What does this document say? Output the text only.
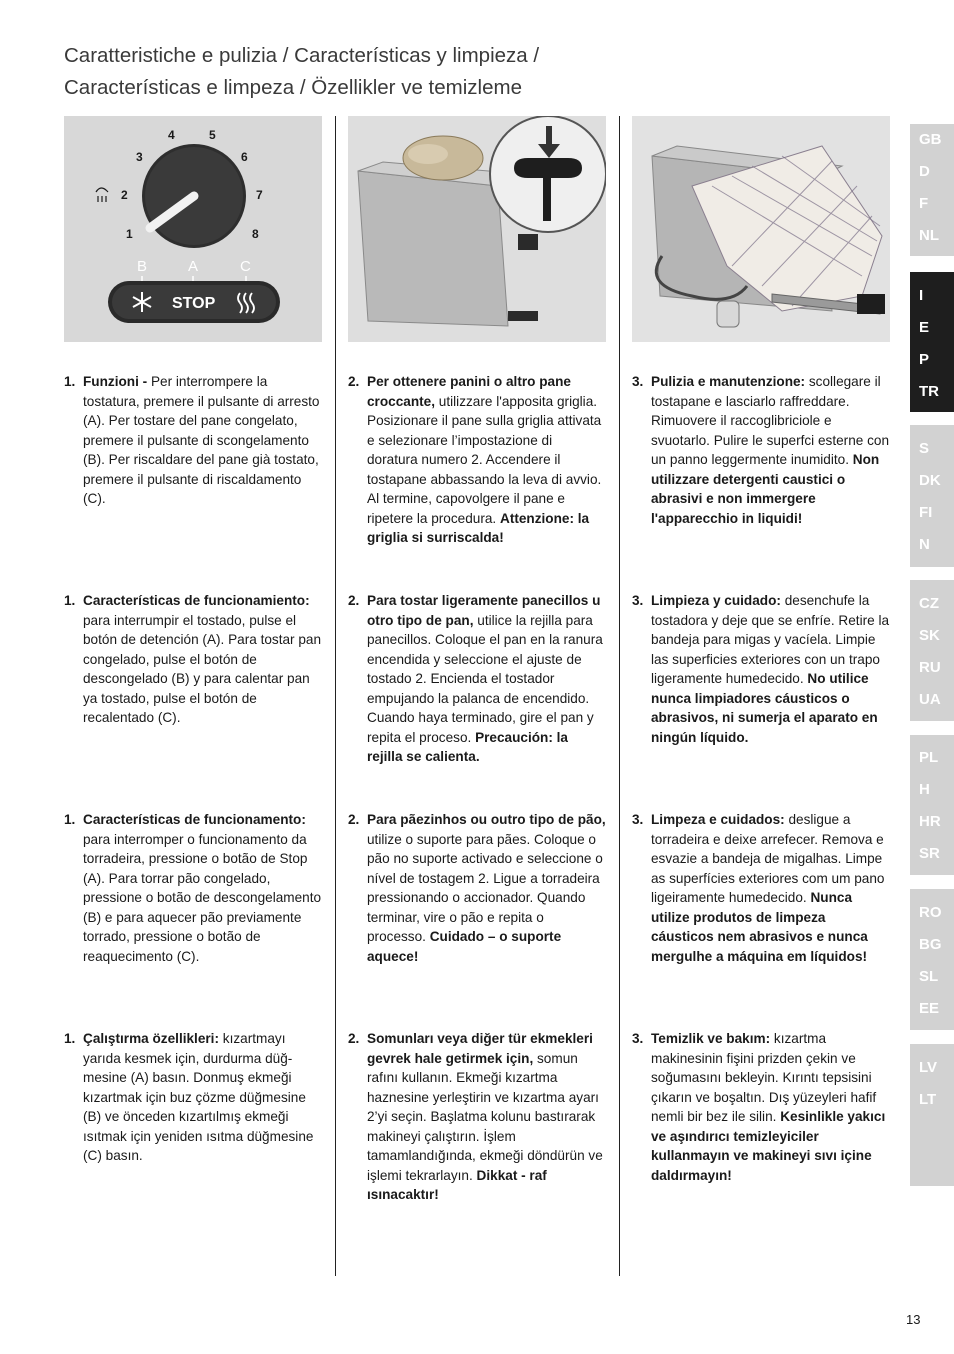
Caratteristiche e pulizia / Características y limpieza /
Características e limpeza / Özellikler ve temizleme
1
2
3
4	5
6
7
8
B	A	C
STOP
1. Funzioni - Per interrompere la tostatura, premere il pulsante di arresto (A). Per tostare del pane congelato, premere il pulsante di scongelamento (B). Per riscaldare del pane già tostato, premere il pulsante di riscaldamento (C).
1. Características de funcionamiento: para interrumpir el tostado, pulse el botón de detención (A). Para tostar pan congelado, pulse el botón de descongelado (B) y para calentar pan ya tostado, pulse el botón de recalentado (C).
1. Características de funcionamento: para interromper o funcionamento da torradeira, pressione o botão de Stop (A). Para torrar pão congelado, pressione o botão de descongelamento (B) e para aquecer pão previamente torrado, pressione o botão de reaquecimento (C).
1. Çalıştırma özellikleri: kızartmayı yarıda kesmek için, durdurma düğmesine (A) basın. Donmuş ekmeği kızartmak için buz çözme düğmesine (B) ve önceden kızartılmış ekmeği ısıtmak için yeniden ısıtma düğmesine (C) basın.
2. Per ottenere panini o altro pane croccante, utilizzare l'apposita griglia. Posizionare il pane sulla griglia attivata e selezionare l’impostazione di doratura numero 2. Accendere il tostapane abbassando la leva di avvio. Al termine, capovolgere il pane e ripetere la procedura. Attenzione: la griglia si surriscalda!
2. Para tostar ligeramente panecillos u otro tipo de pan, utilice la rejilla para panecillos. Coloque el pan en la ranura encendida y seleccione el ajuste de tostado 2. Encienda el tostador empujando la palanca de encendido. Cuando haya terminado, gire el pan y repita el proceso. Precaución: la rejilla se calienta.
2. Para pãezinhos ou outro tipo de pão, utilize o suporte para pães. Coloque o pão no suporte activado e seleccione o nível de tostagem 2. Ligue a torradeira pressionando o accionador. Quando terminar, vire o pão e repita o processo. Cuidado – o suporte aquece!
2. Somunları veya diğer tür ekmekleri gevrek hale getirmek için, somun rafını kullanın. Ekmeği kızartma haznesine yerleştirin ve kızartma ayarı 2’yi seçin. Başlatma kolunu bastırarak makineyi çalıştırın. İşlem tamamlandığında, ekmeği döndürün ve işlemi tekrarlayın. Dikkat - raf ısınacaktır!
3. Pulizia e manutenzione: scollegare il tostapane e lasciarlo raffreddare. Rimuovere il raccoglibriciole e svuotarlo. Pulire le superfci esterne con un panno leggermente inumidito. Non utilizzare detergenti caustici o abrasivi e non immergere l'apparecchio in liquidi!
3. Limpieza y cuidado: desenchufe la tostadora y deje que se enfríe. Retire la bandeja para migas y vacíela. Limpie las superficies exteriores con un trapo ligeramente humedecido. No utilice nunca limpiadores cáusticos o abrasivos, ni sumerja el aparato en ningún líquido.
3. Limpeza e cuidados: desligue a torradeira e deixe arrefecer. Remova e esvazie a bandeja de migalhas. Limpe as superfícies exteriores com um pano ligeiramente humedecido. Nunca utilize produtos de limpeza cáusticos nem abrasivos e nunca mergulhe a máquina em líquidos!
3. Temizlik ve bakım: kızartma makinesinin fişini prizden çekin ve soğumasını bekleyin. Kırıntı tepsisini çıkarın ve boşaltın. Dış yüzeyleri hafif nemli bir bez ile silin. Kesinlikle yakıcı ve aşındırıcı temizleyiciler kullanmayın ve makineyi sıvı içine daldırmayın!
GB
D
F
NL
I
E
P
TR
S
DK
FI
N
CZ
SK
RU
UA
PL
H
HR
SR
RO
BG
SL
EE
LV
LT
13
